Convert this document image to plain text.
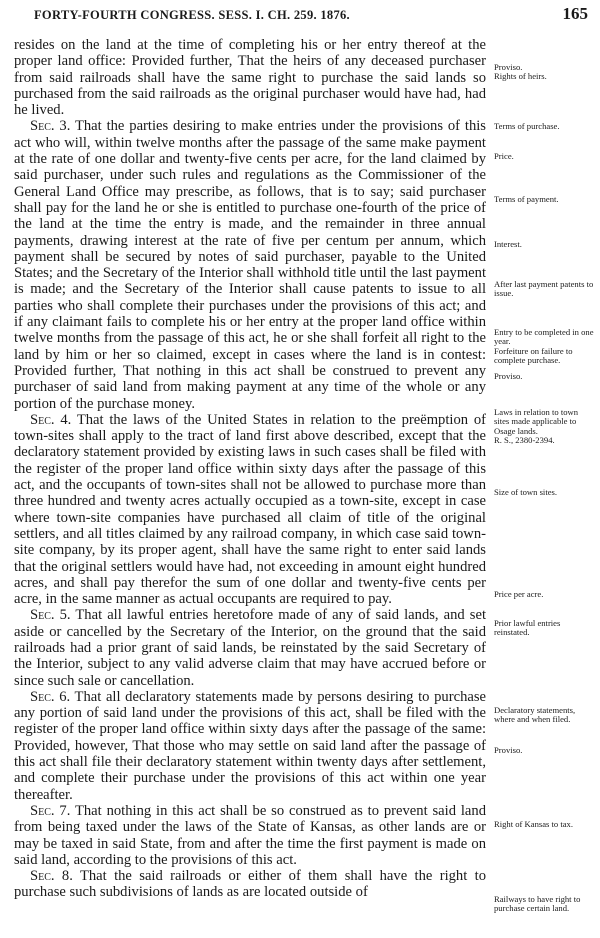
FORTY-FOURTH CONGRESS. SESS. I. CH. 259. 1876.	165

resides on the land at the time of completing his or her entry thereof at the proper land office: Provided further, That the heirs of any deceased purchaser from said railroads shall have the same right to purchase the said lands so purchased from the said railroads as the original purchaser would have had, had he lived.

Sec. 3. That the parties desiring to make entries under the provisions of this act who will, within twelve months after the passage of the same make payment at the rate of one dollar and twenty-five cents per acre, for the land claimed by said purchaser, under such rules and regulations as the Commissioner of the General Land Office may prescribe, as follows, that is to say; said purchaser shall pay for the land he or she is entitled to purchase one-fourth of the price of the land at the time the entry is made, and the remainder in three annual payments, drawing interest at the rate of five per centum per annum, which payment shall be secured by notes of said purchaser, payable to the United States; and the Secretary of the Interior shall withhold title until the last payment is made; and the Secretary of the Interior shall cause patents to issue to all parties who shall complete their purchases under the provisions of this act; and if any claimant fails to complete his or her entry at the proper land office within twelve months from the passage of this act, he or she shall forfeit all right to the land by him or her so claimed, except in cases where the land is in contest: Provided further, That nothing in this act shall be construed to prevent any purchaser of said land from making payment at any time of the whole or any portion of the purchase money.

Sec. 4. That the laws of the United States in relation to the preëmption of town-sites shall apply to the tract of land first above described, except that the declaratory statement provided by existing laws in such cases shall be filed with the register of the proper land office within sixty days after the passage of this act, and the occupants of town-sites shall not be allowed to purchase more than three hundred and twenty acres actually occupied as a town-site, except in case where town-site companies have purchased all claim of title of the original settlers, and all titles claimed by any railroad company, in which case said town-site company, by its proper agent, shall have the same right to enter said lands that the original settlers would have had, not exceeding in amount eight hundred acres, and shall pay therefor the sum of one dollar and twenty-five cents per acre, in the same manner as actual occupants are required to pay.

Sec. 5. That all lawful entries heretofore made of any of said lands, and set aside or cancelled by the Secretary of the Interior, on the ground that the said railroads had a prior grant of said lands, be reinstated by the said Secretary of the Interior, subject to any valid adverse claim that may have accrued before or since such sale or cancellation.

Sec. 6. That all declaratory statements made by persons desiring to purchase any portion of said land under the provisions of this act, shall be filed with the register of the proper land office within sixty days after the passage of the same: Provided, however, That those who may settle on said land after the passage of this act shall file their declaratory statement within twenty days after settlement, and complete their purchase under the provisions of this act within one year thereafter.

Sec. 7. That nothing in this act shall be so construed as to prevent said land from being taxed under the laws of the State of Kansas, as other lands are or may be taxed in said State, from and after the time the first payment is made on said land, according to the provisions of this act.

Sec. 8. That the said railroads or either of them shall have the right to purchase such subdivisions of lands as are located outside of

Proviso.
Rights of heirs.
Terms of purchase.
Price.
Terms of payment.
Interest.
After last payment patents to issue.
Entry to be completed in one year.
Forfeiture on failure to complete purchase.
Proviso.
Laws in relation to town sites made applicable to Osage lands.
R. S., 2380-2394.
Size of town sites.
Price per acre.
Prior lawful entries reinstated.
Declaratory statements, where and when filed.
Proviso.
Right of Kansas to tax.
Railways to have right to purchase certain land.
